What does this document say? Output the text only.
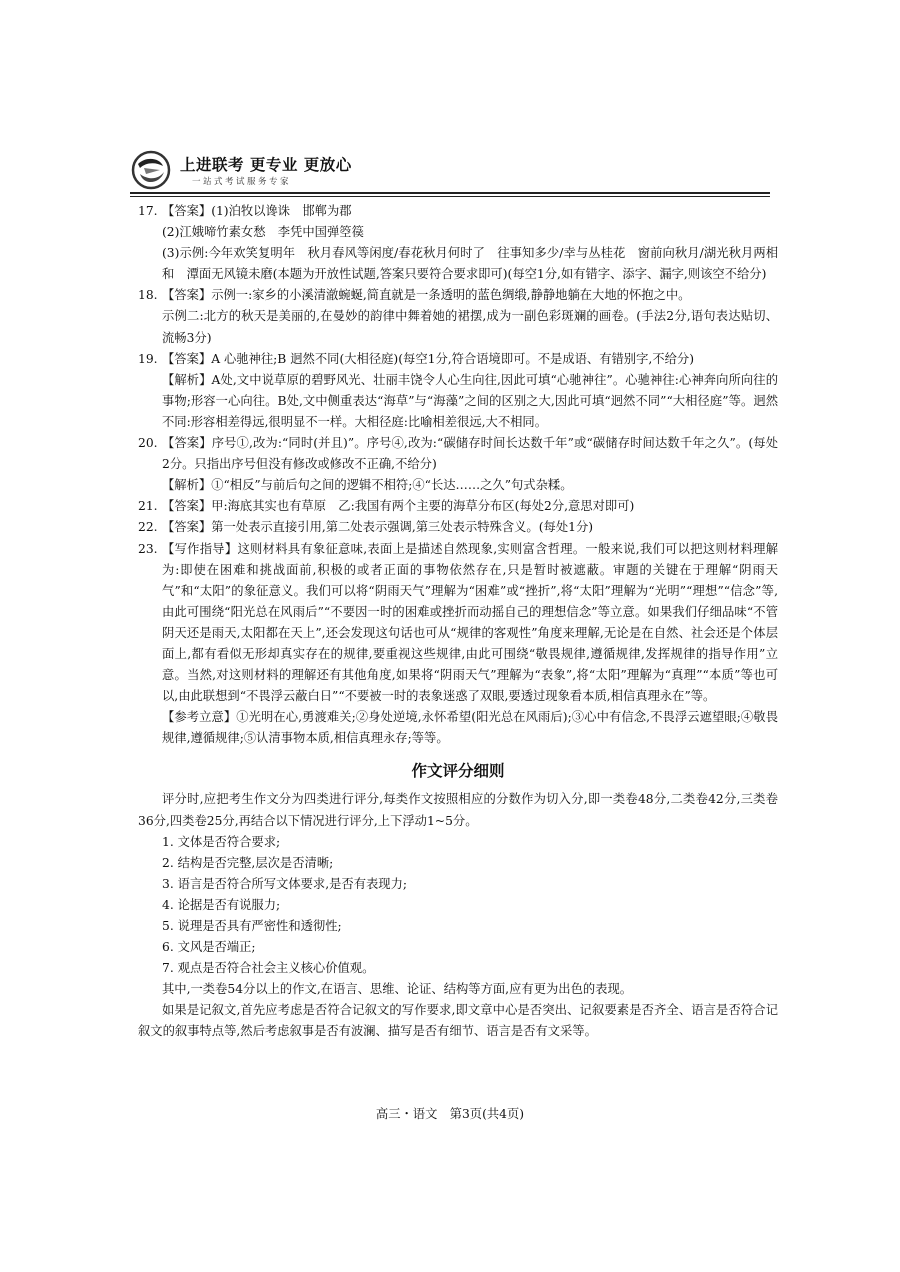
上进联考 更专业 更放心
一站式考试服务专家
17. 【答案】(1)泊牧以谗诛　邯郸为郡

(2)江娥啼竹素女愁　李凭中国弹箜篌

(3)示例:今年欢笑复明年　秋月春风等闲度/春花秋月何时了　往事知多少/幸与丛桂花　窗前向秋月/湖光秋月两相和　潭面无风镜未磨(本题为开放性试题,答案只要符合要求即可)(每空1分,如有错字、添字、漏字,则该空不给分)

18. 【答案】示例一:家乡的小溪清澈蜿蜒,简直就是一条透明的蓝色绸缎,静静地躺在大地的怀抱之中。

示例二:北方的秋天是美丽的,在曼妙的韵律中舞着她的裙摆,成为一副色彩斑斓的画卷。(手法2分,语句表达贴切、流畅3分)

19. 【答案】A 心驰神往;B 迥然不同(大相径庭)(每空1分,符合语境即可。不是成语、有错别字,不给分)

【解析】A处,文中说草原的碧野风光、壮丽丰饶令人心生向往,因此可填“心驰神往”。心驰神往:心神奔向所向往的事物;形容一心向往。B处,文中侧重表达“海草”与“海藻”之间的区别之大,因此可填“迥然不同”“大相径庭”等。迥然不同:形容相差得远,很明显不一样。大相径庭:比喻相差很远,大不相同。

20. 【答案】序号①,改为:“同时(并且)”。序号④,改为:“碳储存时间长达数千年”或“碳储存时间达数千年之久”。(每处2分。只指出序号但没有修改或修改不正确,不给分)

【解析】①“相反”与前后句之间的逻辑不相符;④“长达……之久”句式杂糅。

21. 【答案】甲:海底其实也有草原　乙:我国有两个主要的海草分布区(每处2分,意思对即可)

22. 【答案】第一处表示直接引用,第二处表示强调,第三处表示特殊含义。(每处1分)

23. 【写作指导】这则材料具有象征意味,表面上是描述自然现象,实则富含哲理。一般来说,我们可以把这则材料理解为:即使在困难和挑战面前,积极的或者正面的事物依然存在,只是暂时被遮蔽。审题的关键在于理解“阴雨天气”和“太阳”的象征意义。我们可以将“阴雨天气”理解为“困难”或“挫折”,将“太阳”理解为“光明”“理想”“信念”等,由此可围绕“阳光总在风雨后”“不要因一时的困难或挫折而动摇自己的理想信念”等立意。如果我们仔细品味“不管阴天还是雨天,太阳都在天上”,还会发现这句话也可从“规律的客观性”角度来理解,无论是在自然、社会还是个体层面上,都有看似无形却真实存在的规律,要重视这些规律,由此可围绕“敬畏规律,遵循规律,发挥规律的指导作用”立意。当然,对这则材料的理解还有其他角度,如果将“阴雨天气”理解为“表象”,将“太阳”理解为“真理”“本质”等也可以,由此联想到“不畏浮云蔽白日”“不要被一时的表象迷惑了双眼,要透过现象看本质,相信真理永在”等。

【参考立意】①光明在心,勇渡难关;②身处逆境,永怀希望(阳光总在风雨后);③心中有信念,不畏浮云遮望眼;④敬畏规律,遵循规律;⑤认清事物本质,相信真理永存;等等。

作文评分细则

评分时,应把考生作文分为四类进行评分,每类作文按照相应的分数作为切入分,即一类卷48分,二类卷42分,三类卷36分,四类卷25分,再结合以下情况进行评分,上下浮动1~5分。

1. 文体是否符合要求;

2. 结构是否完整,层次是否清晰;

3. 语言是否符合所写文体要求,是否有表现力;

4. 论据是否有说服力;

5. 说理是否具有严密性和透彻性;

6. 文风是否端正;

7. 观点是否符合社会主义核心价值观。

其中,一类卷54分以上的作文,在语言、思维、论证、结构等方面,应有更为出色的表现。

如果是记叙文,首先应考虑是否符合记叙文的写作要求,即文章中心是否突出、记叙要素是否齐全、语言是否符合记叙文的叙事特点等,然后考虑叙事是否有波澜、描写是否有细节、语言是否有文采等。

高三・语文　第3页(共4页)
